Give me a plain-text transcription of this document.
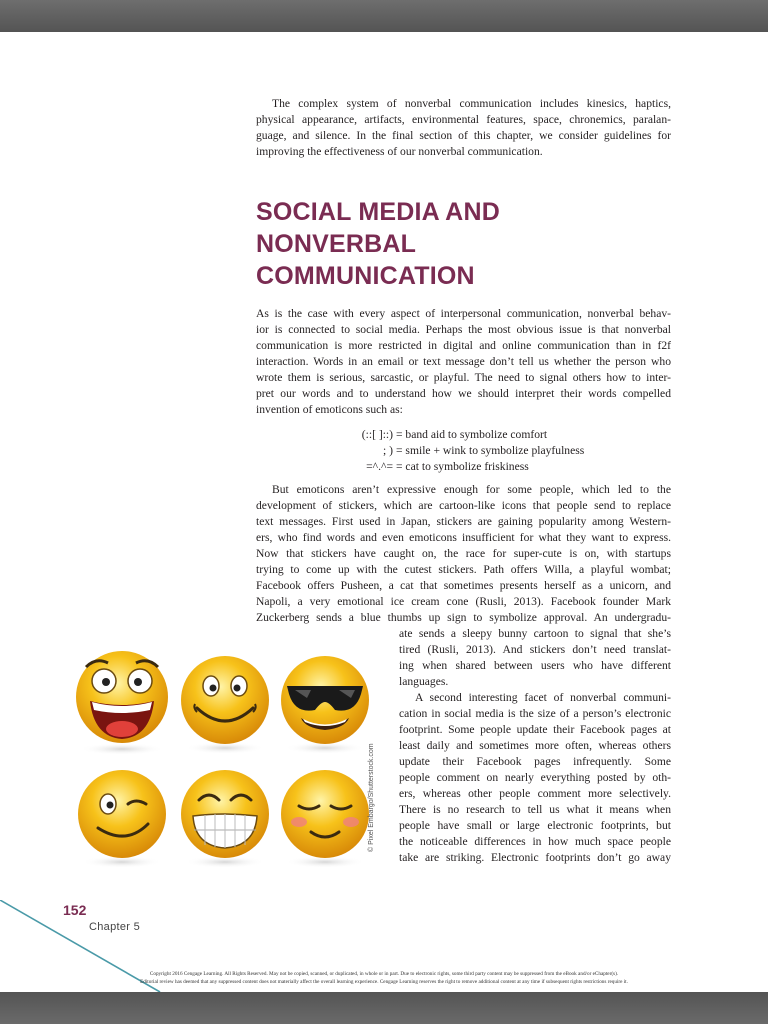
The complex system of nonverbal communication includes kinesics, haptics,
physical appearance, artifacts, environmental features, space, chronemics, paralan-
guage, and silence. In the final section of this chapter, we consider guidelines for
improving the effectiveness of our nonverbal communication.

SOCIAL MEDIA AND
NONVERBAL
COMMUNICATION

As is the case with every aspect of interpersonal communication, nonverbal behav-
ior is connected to social media. Perhaps the most obvious issue is that nonverbal
communication is more restricted in digital and online communication than in f2f
interaction. Words in an email or text message don’t tell us whether the person who
wrote them is serious, sarcastic, or playful. The need to signal others how to inter-
pret our words and to understand how we should interpret their words compelled
invention of emoticons such as:

(::[ ]::) = band aid to symbolize comfort
; ) = smile + wink to symbolize playfulness
=^.^= = cat to symbolize friskiness

But emoticons aren’t expressive enough for some people, which led to the
development of stickers, which are cartoon-like icons that people send to replace
text messages. First used in Japan, stickers are gaining popularity among Western-
ers, who find words and even emoticons insufficient for what they want to express.
Now that stickers have caught on, the race for super-cute is on, with startups
trying to come up with the cutest stickers. Path offers Willa, a playful wombat;
Facebook offers Pusheen, a cat that sometimes presents herself as a unicorn, and
Napoli, a very emotional ice cream cone (Rusli, 2013). Facebook founder Mark
Zuckerberg sends a blue thumbs up sign to symbolize approval. An undergradu-

ate sends a sleepy bunny cartoon to signal that she’s
tired (Rusli, 2013). And stickers don’t need translat-
ing when shared between users who have different
languages.

A second interesting facet of nonverbal communi-
cation in social media is the size of a person’s electronic
footprint. Some people update their Facebook pages at
least daily and sometimes more often, whereas others
update their Facebook pages infrequently. Some
people comment on nearly everything posted by oth-
ers, whereas other people comment more selectively.
There is no research to tell us what it means when
people have small or large electronic footprints, but
the noticeable differences in how much space people
take are striking. Electronic footprints don’t go away

© Pixel Embargo/Shutterstock.com
152
Chapter 5
Copyright 2016 Cengage Learning. All Rights Reserved. May not be copied, scanned, or duplicated, in whole or in part. Due to electronic rights, some third party content may be suppressed from the eBook and/or eChapter(s).
Editorial review has deemed that any suppressed content does not materially affect the overall learning experience. Cengage Learning reserves the right to remove additional content at any time if subsequent rights restrictions require it.
